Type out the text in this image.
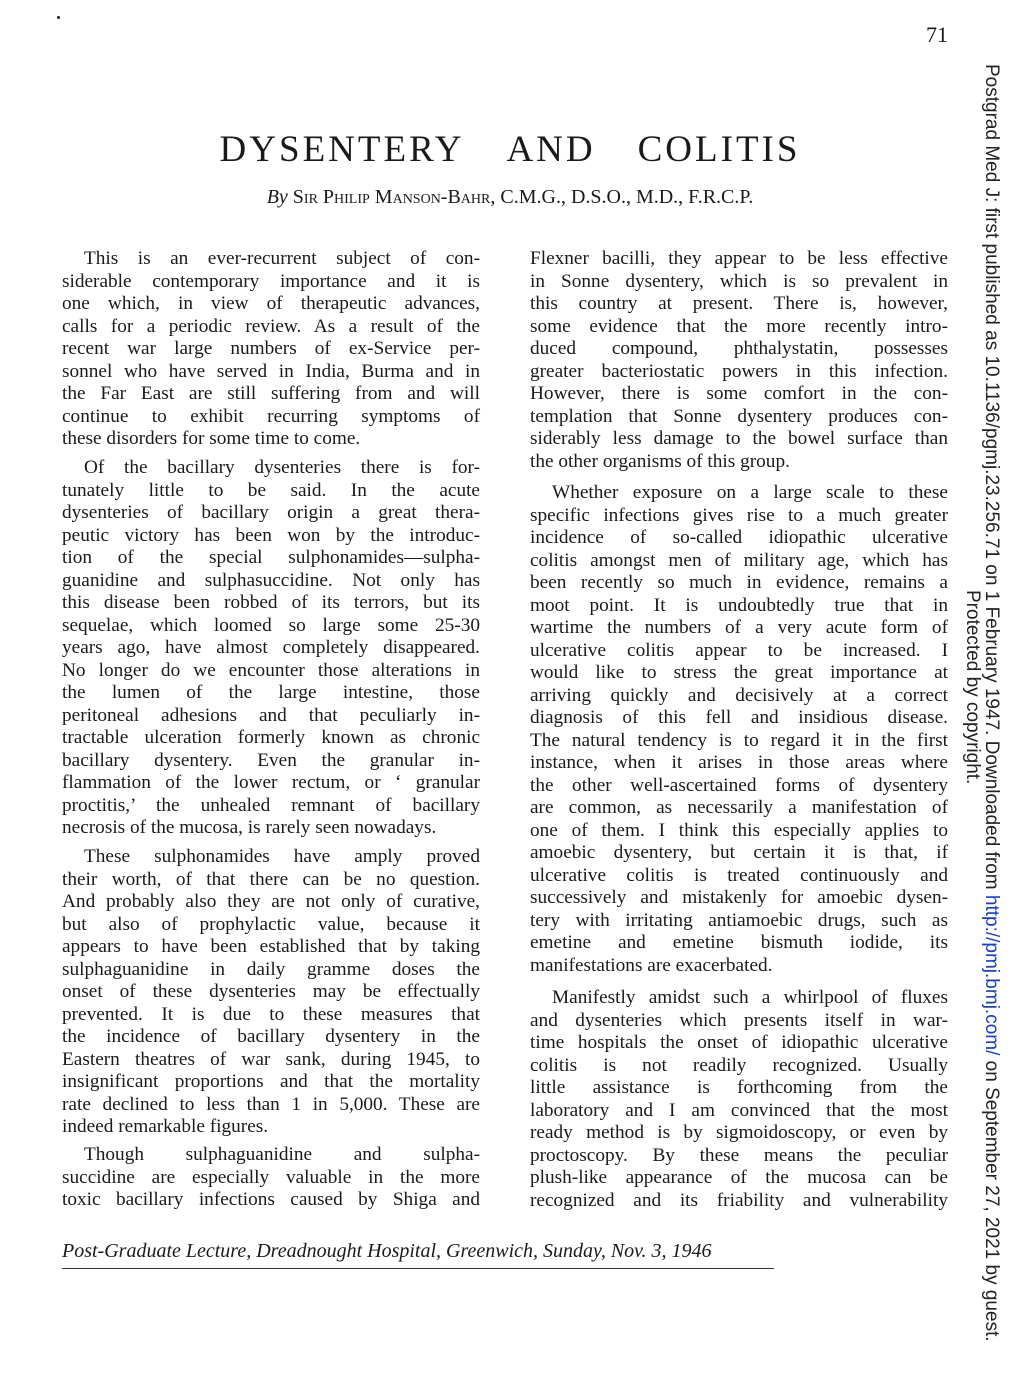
71
DYSENTERY AND COLITIS
By Sir Philip Manson-Bahr, C.M.G., D.S.O., M.D., F.R.C.P.
This is an ever-recurrent subject of con-
siderable contemporary importance and it is
one which, in view of therapeutic advances,
calls for a periodic review. As a result of the
recent war large numbers of ex-Service per-
sonnel who have served in India, Burma and in
the Far East are still suffering from and will
continue to exhibit recurring symptoms of
these disorders for some time to come.
Of the bacillary dysenteries there is for-
tunately little to be said. In the acute
dysenteries of bacillary origin a great thera-
peutic victory has been won by the introduc-
tion of the special sulphonamides—sulpha-
guanidine and sulphasuccidine. Not only has
this disease been robbed of its terrors, but its
sequelae, which loomed so large some 25-30
years ago, have almost completely disappeared.
No longer do we encounter those alterations in
the lumen of the large intestine, those
peritoneal adhesions and that peculiarly in-
tractable ulceration formerly known as chronic
bacillary dysentery. Even the granular in-
flammation of the lower rectum, or ‘ granular
proctitis,’ the unhealed remnant of bacillary
necrosis of the mucosa, is rarely seen nowadays.
These sulphonamides have amply proved
their worth, of that there can be no question.
And probably also they are not only of curative,
but also of prophylactic value, because it
appears to have been established that by taking
sulphaguanidine in daily gramme doses the
onset of these dysenteries may be effectually
prevented. It is due to these measures that
the incidence of bacillary dysentery in the
Eastern theatres of war sank, during 1945, to
insignificant proportions and that the mortality
rate declined to less than 1 in 5,000. These are
indeed remarkable figures.
Though sulphaguanidine and sulpha-
succidine are especially valuable in the more
toxic bacillary infections caused by Shiga and
Flexner bacilli, they appear to be less effective
in Sonne dysentery, which is so prevalent in
this country at present. There is, however,
some evidence that the more recently intro-
duced compound, phthalystatin, possesses
greater bacteriostatic powers in this infection.
However, there is some comfort in the con-
templation that Sonne dysentery produces con-
siderably less damage to the bowel surface than
the other organisms of this group.
Whether exposure on a large scale to these
specific infections gives rise to a much greater
incidence of so-called idiopathic ulcerative
colitis amongst men of military age, which has
been recently so much in evidence, remains a
moot point. It is undoubtedly true that in
wartime the numbers of a very acute form of
ulcerative colitis appear to be increased. I
would like to stress the great importance at
arriving quickly and decisively at a correct
diagnosis of this fell and insidious disease.
The natural tendency is to regard it in the first
instance, when it arises in those areas where
the other well-ascertained forms of dysentery
are common, as necessarily a manifestation of
one of them. I think this especially applies to
amoebic dysentery, but certain it is that, if
ulcerative colitis is treated continuously and
successively and mistakenly for amoebic dysen-
tery with irritating antiamoebic drugs, such as
emetine and emetine bismuth iodide, its
manifestations are exacerbated.
Manifestly amidst such a whirlpool of fluxes
and dysenteries which presents itself in war-
time hospitals the onset of idiopathic ulcerative
colitis is not readily recognized. Usually
little assistance is forthcoming from the
laboratory and I am convinced that the most
ready method is by sigmoidoscopy, or even by
proctoscopy. By these means the peculiar
plush-like appearance of the mucosa can be
recognized and its friability and vulnerability
Post-Graduate Lecture, Dreadnought Hospital, Greenwich, Sunday, Nov. 3, 1946
Postgrad Med J: first published as 10.1136/pgmj.23.256.71 on 1 February 1947. Downloaded from http://pmj.bmj.com/ on September 27, 2021 by guest.
Protected by copyright.
